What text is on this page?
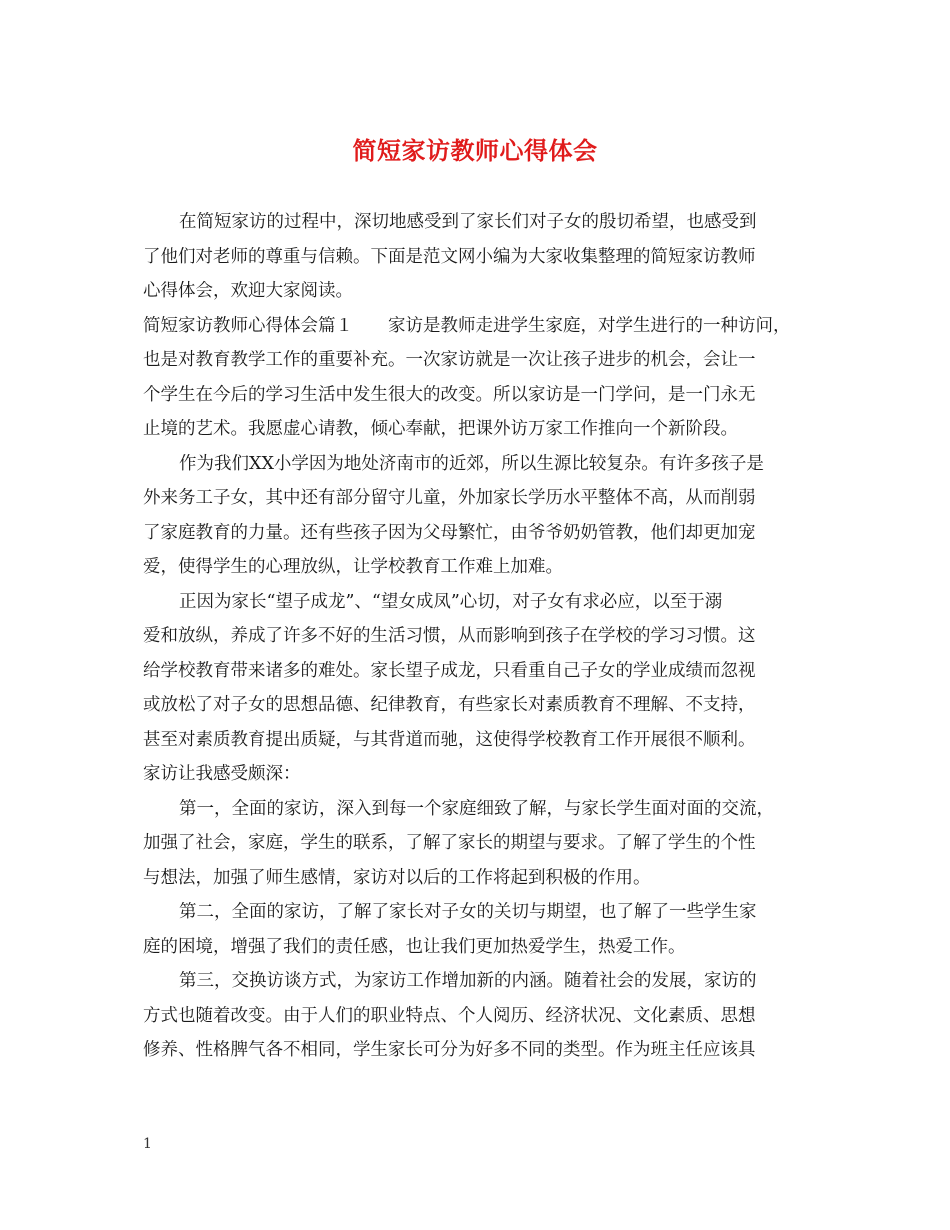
简短家访教师心得体会
在简短家访的过程中，深切地感受到了家长们对子女的殷切希望，也感受到
了他们对老师的尊重与信赖。下面是范文网小编为大家收集整理的简短家访教师
心得体会，欢迎大家阅读。
简短家访教师心得体会篇１　　家访是教师走进学生家庭，对学生进行的一种访问，
也是对教育教学工作的重要补充。一次家访就是一次让孩子进步的机会，会让一
个学生在今后的学习生活中发生很大的改变。所以家访是一门学问，是一门永无
止境的艺术。我愿虚心请教，倾心奉献，把课外访万家工作推向一个新阶段。
作为我们XX小学因为地处济南市的近郊，所以生源比较复杂。有许多孩子是
外来务工子女，其中还有部分留守儿童，外加家长学历水平整体不高，从而削弱
了家庭教育的力量。还有些孩子因为父母繁忙，由爷爷奶奶管教，他们却更加宠
爱，使得学生的心理放纵，让学校教育工作难上加难。
正因为家长“望子成龙”、“望女成凤”心切，对子女有求必应，以至于溺
爱和放纵，养成了许多不好的生活习惯，从而影响到孩子在学校的学习习惯。这
给学校教育带来诸多的难处。家长望子成龙，只看重自己子女的学业成绩而忽视
或放松了对子女的思想品德、纪律教育，有些家长对素质教育不理解、不支持，
甚至对素质教育提出质疑，与其背道而驰，这使得学校教育工作开展很不顺利。
家访让我感受颇深：
第一，全面的家访，深入到每一个家庭细致了解，与家长学生面对面的交流，
加强了社会，家庭，学生的联系，了解了家长的期望与要求。了解了学生的个性
与想法，加强了师生感情，家访对以后的工作将起到积极的作用。
第二，全面的家访，了解了家长对子女的关切与期望，也了解了一些学生家
庭的困境，增强了我们的责任感，也让我们更加热爱学生，热爱工作。
第三，交换访谈方式，为家访工作增加新的内涵。随着社会的发展，家访的
方式也随着改变。由于人们的职业特点、个人阅历、经济状况、文化素质、思想
修养、性格脾气各不相同，学生家长可分为好多不同的类型。作为班主任应该具
1
